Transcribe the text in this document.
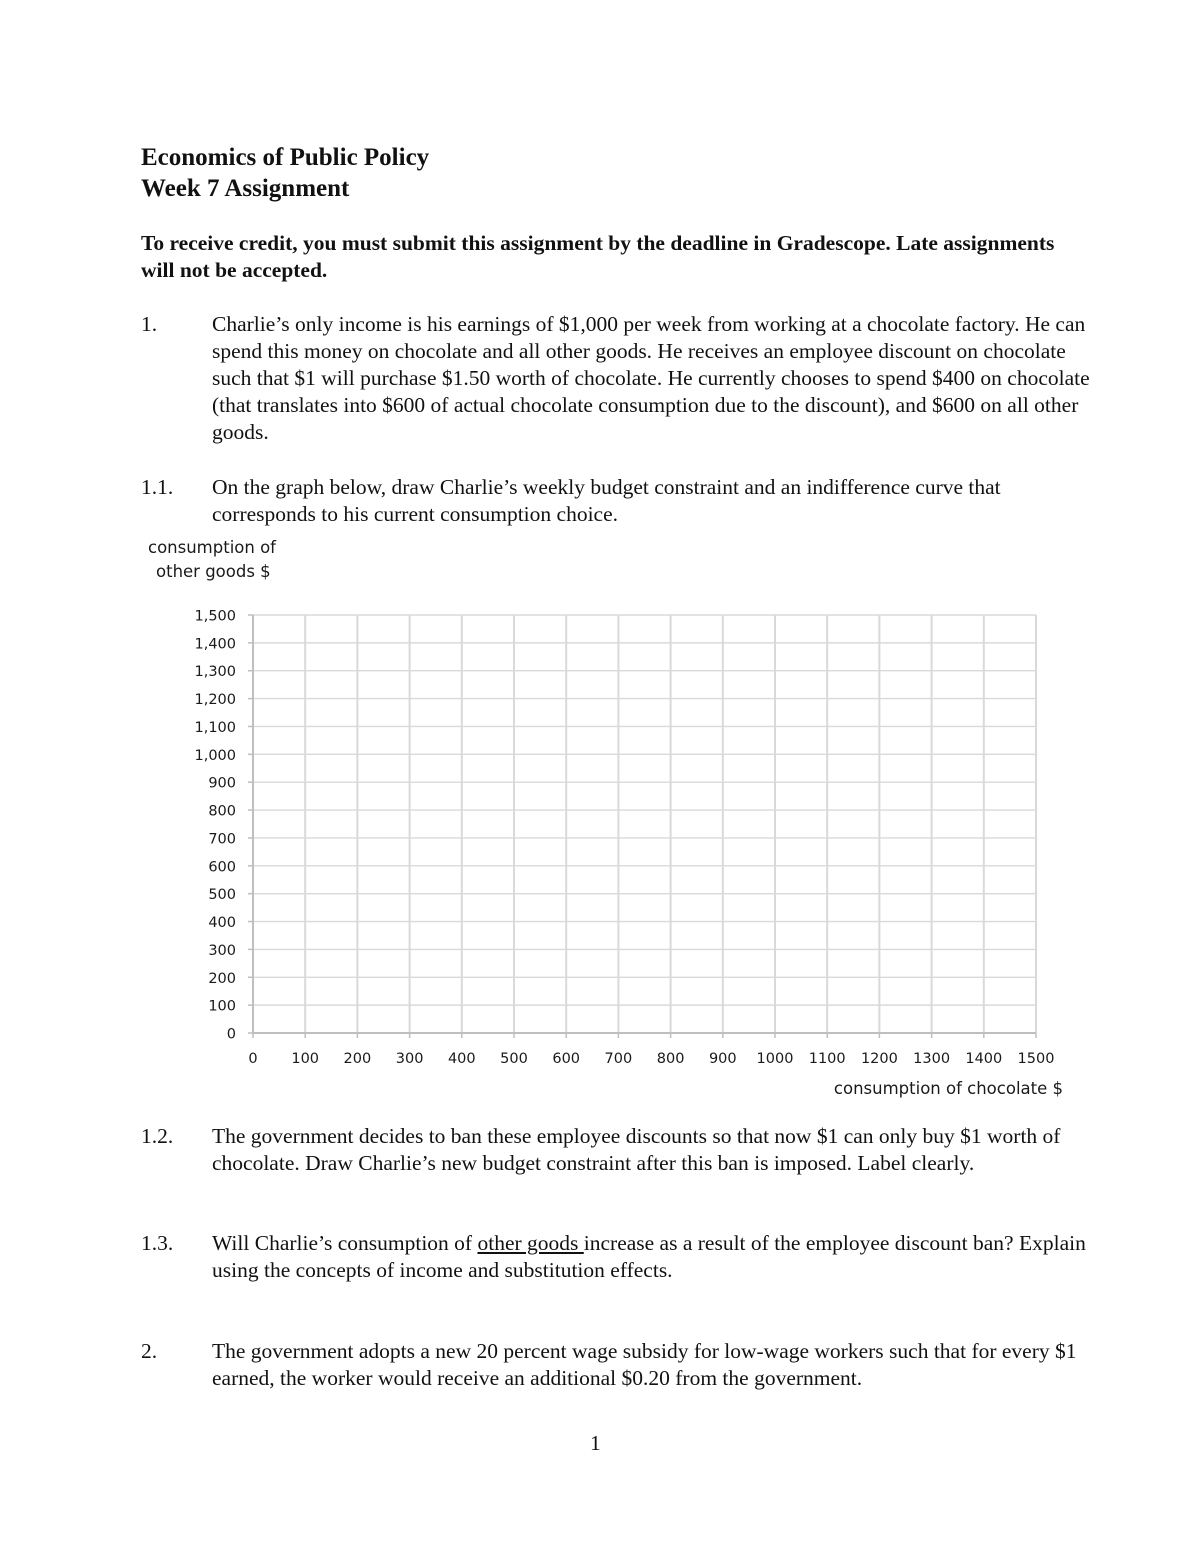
Economics of Public Policy
Week 7 Assignment
To receive credit, you must submit this assignment by the deadline in Gradescope. Late assignments will not be accepted.
1.	Charlie’s only income is his earnings of $1,000 per week from working at a chocolate factory. He can spend this money on chocolate and all other goods. He receives an employee discount on chocolate such that $1 will purchase $1.50 worth of chocolate. He currently chooses to spend $400 on chocolate (that translates into $600 of actual chocolate consumption due to the discount), and $600 on all other goods.
1.1. On the graph below, draw Charlie’s weekly budget constraint and an indifference curve that corresponds to his current consumption choice.
consumption of
other goods $
0
100
200
300
400
500
600
700
800
900
1,000
1,100
1,200
1,300
1,400
1,500
0 100 200 300 400 500 600 700 800 900 1000 1100 1200 1300 1400 1500
consumption of chocolate $
1.2. The government decides to ban these employee discounts so that now $1 can only buy $1 worth of chocolate. Draw Charlie’s new budget constraint after this ban is imposed. Label clearly.
1.3. Will Charlie’s consumption of other goods increase as a result of the employee discount ban? Explain using the concepts of income and substitution effects.
2.	The government adopts a new 20 percent wage subsidy for low-wage workers such that for every $1 earned, the worker would receive an additional $0.20 from the government.
1
